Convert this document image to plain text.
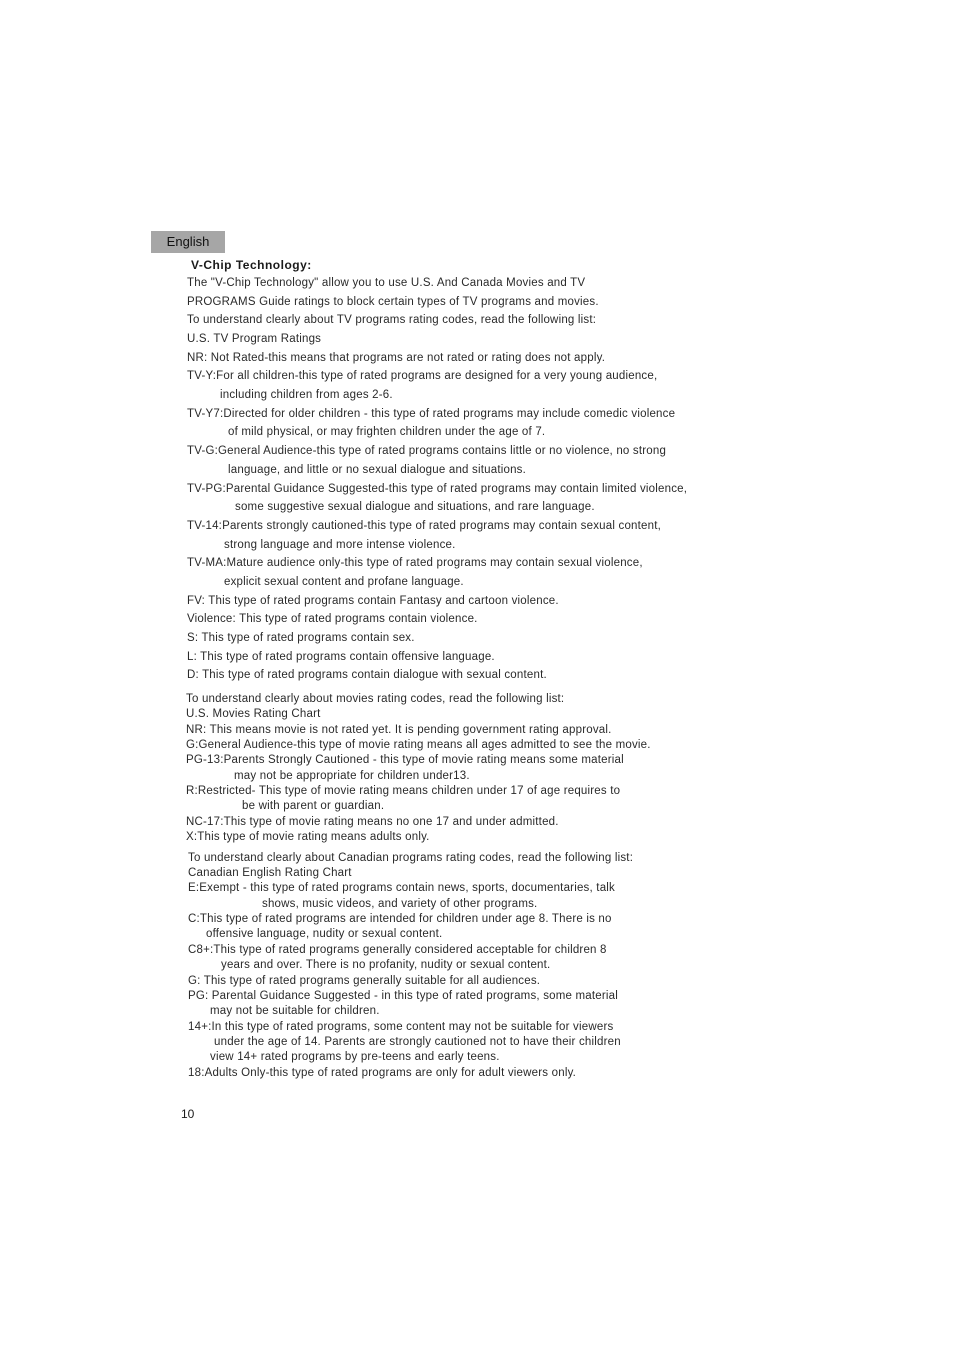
English
V-Chip Technology:
The "V-Chip Technology" allow you to use U.S. And Canada Movies and TV
PROGRAMS Guide ratings to block certain types of TV programs and movies.
To understand clearly about TV programs rating codes, read the following list:
U.S. TV Program Ratings
NR: Not Rated-this means that programs are not rated or rating does not apply.
TV-Y:For all children-this type of rated programs are designed for a very young audience,
including children from ages 2-6.
TV-Y7:Directed for older children - this type of rated programs may include comedic violence
of mild physical, or may frighten children under the age of 7.
TV-G:General Audience-this type of rated programs contains little or no violence, no strong
language, and little or no sexual dialogue and situations.
TV-PG:Parental Guidance Suggested-this type of rated programs may contain limited violence,
some suggestive sexual dialogue and situations, and rare language.
TV-14:Parents strongly cautioned-this type of rated programs may contain sexual content,
strong language and more intense violence.
TV-MA:Mature audience only-this type of rated programs may contain sexual violence,
explicit sexual content and profane language.
FV: This type of rated programs contain Fantasy and cartoon violence.
Violence: This type of rated programs contain violence.
S: This type of rated programs contain sex.
L: This type of rated programs contain offensive language.
D: This type of rated programs contain dialogue with sexual content.
To understand clearly about movies rating codes, read the following list:
U.S. Movies Rating Chart
NR: This means movie is not rated yet. It is pending government rating approval.
G:General Audience-this type of movie rating means all ages admitted to see the movie.
PG-13:Parents Strongly Cautioned - this type of movie rating means some material
may not be appropriate for children under13.
R:Restricted- This type of movie rating means children under 17 of age requires to
be with parent or guardian.
NC-17:This type of movie rating means no one 17 and under admitted.
X:This type of movie rating means adults only.
To understand clearly about Canadian programs rating codes, read the following list:
Canadian English Rating Chart
E:Exempt - this type of rated programs contain news, sports, documentaries, talk
shows, music videos, and variety of other programs.
C:This type of rated programs are intended for children under age 8. There is no
offensive language, nudity or sexual content.
C8+:This type of rated programs generally considered acceptable for children 8
years and over. There is no profanity, nudity or sexual content.
G: This type of rated programs generally suitable for all audiences.
PG: Parental Guidance Suggested - in this type of rated programs, some material
may not be suitable for children.
14+:In this type of rated programs, some content may not be suitable for viewers
under the age of 14. Parents are strongly cautioned not to have their children
view 14+ rated programs by pre-teens and early teens.
18:Adults Only-this type of rated programs are only for adult viewers only.
10
